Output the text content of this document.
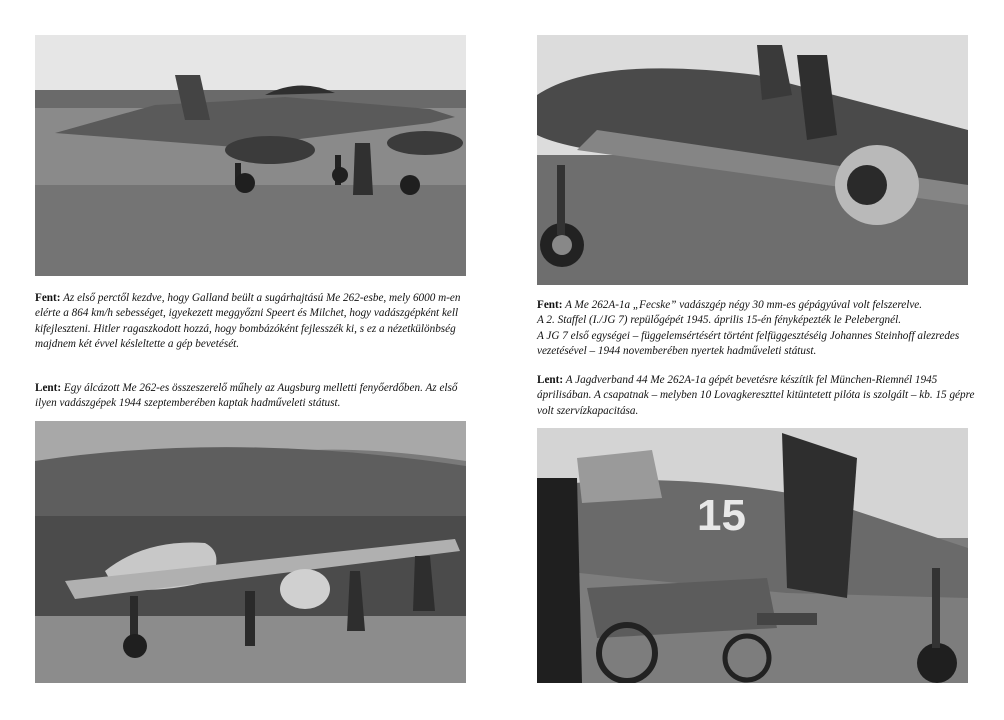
Fent: Az első perctől kezdve, hogy Galland beült a sugárhajtású Me 262-esbe, mely 6000 m-en elérte a 864 km/h sebességet, igyekezett meggyőzni Speert és Milchet, hogy vadászgépként kell kifejleszteni. Hitler ragaszkodott hozzá, hogy bombázóként fejlesszék ki, s ez a nézetkülönbség majdnem két évvel késleltette a gép bevetését.

Lent: Egy álcázott Me 262-es összeszerelő műhely az Augsburg melletti fenyőerdőben. Az első ilyen vadászgépek 1944 szeptemberében kaptak hadműveleti státust.

Fent: A Me 262A-1a „Fecske” vadászgép négy 30 mm-es gépágyúval volt felszerelve.

A 2. Staffel (I./JG 7) repülőgépét 1945. április 15-én fényképezték le Pelebergnél.

A JG 7 első egységei – függelemsértésért történt felfüggesztéséig Johannes Steinhoff alezredes vezetésével – 1944 novemberében nyertek hadműveleti státust.

Lent: A Jagdverband 44 Me 262A-1a gépét bevetésre készítik fel München-Riemnél 1945 áprilisában. A csapatnak – melyben 10 Lovagkereszttel kitüntetett pilóta is szolgált – kb. 15 gépre volt szervízkapacitása.

15
